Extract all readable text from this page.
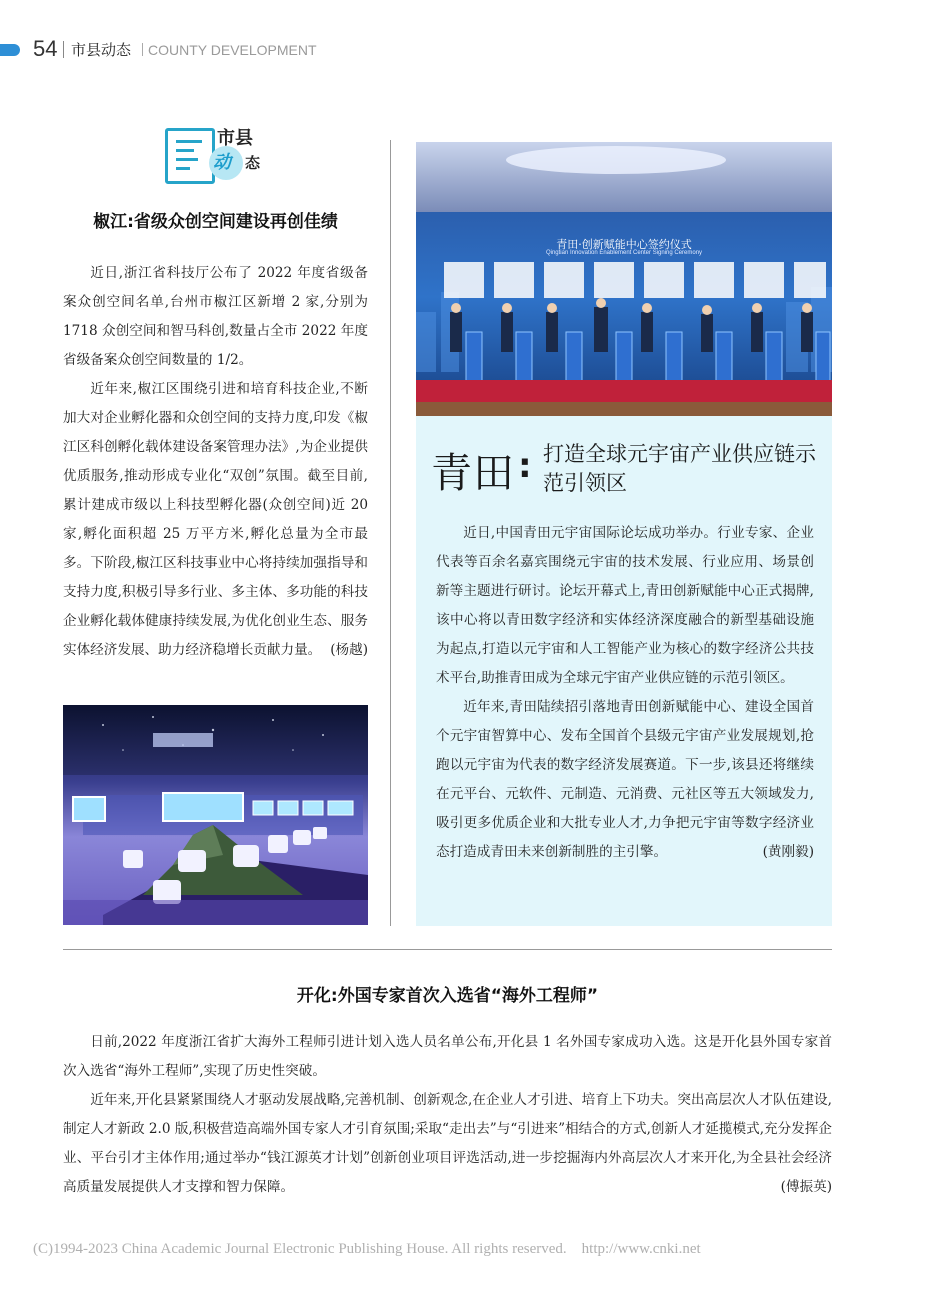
54 市县动态 COUNTY DEVELOPMENT
市县
动 态
椒江:省级众创空间建设再创佳绩

近日,浙江省科技厅公布了 2022 年度省级备案众创空间名单,台州市椒江区新增 2 家,分别为 1718 众创空间和智马科创,数量占全市 2022 年度省级备案众创空间数量的 1/2。

近年来,椒江区围绕引进和培育科技企业,不断加大对企业孵化器和众创空间的支持力度,印发《椒江区科创孵化载体建设备案管理办法》,为企业提供优质服务,推动形成专业化“双创”氛围。截至目前,累计建成市级以上科技型孵化器(众创空间)近 20 家,孵化面积超 25 万平方米,孵化总量为全市最多。下阶段,椒江区科技事业中心将持续加强指导和支持力度,积极引导多行业、多主体、多功能的科技企业孵化载体健康持续发展,为优化创业生态、服务实体经济发展、助力经济稳增长贡献力量。 (杨越)

青田·创新赋能中心签约仪式
Qingtian Innovation Enablement Center Signing Ceremony
青田 : 打造全球元宇宙产业供应链示范引领区

近日,中国青田元宇宙国际论坛成功举办。行业专家、企业代表等百余名嘉宾围绕元宇宙的技术发展、行业应用、场景创新等主题进行研讨。论坛开幕式上,青田创新赋能中心正式揭牌,该中心将以青田数字经济和实体经济深度融合的新型基础设施为起点,打造以元宇宙和人工智能产业为核心的数字经济公共技术平台,助推青田成为全球元宇宙产业供应链的示范引领区。

近年来,青田陆续招引落地青田创新赋能中心、建设全国首个元宇宙智算中心、发布全国首个县级元宇宙产业发展规划,抢跑以元宇宙为代表的数字经济发展赛道。下一步,该县还将继续在元平台、元软件、元制造、元消费、元社区等五大领域发力,吸引更多优质企业和大批专业人才,力争把元宇宙等数字经济业态打造成青田未来创新制胜的主引擎。	(黄刚毅)

开化:外国专家首次入选省“海外工程师”

日前,2022 年度浙江省扩大海外工程师引进计划入选人员名单公布,开化县 1 名外国专家成功入选。这是开化县外国专家首次入选省“海外工程师”,实现了历史性突破。

近年来,开化县紧紧围绕人才驱动发展战略,完善机制、创新观念,在企业人才引进、培育上下功夫。突出高层次人才队伍建设,制定人才新政 2.0 版,积极营造高端外国专家人才引育氛围;采取“走出去”与“引进来”相结合的方式,创新人才延揽模式,充分发挥企业、平台引才主体作用;通过举办“钱江源英才计划”创新创业项目评选活动,进一步挖掘海内外高层次人才来开化,为全县社会经济高质量发展提供人才支撑和智力保障。	(傅振英)

(C)1994-2023 China Academic Journal Electronic Publishing House. All rights reserved. http://www.cnki.net
